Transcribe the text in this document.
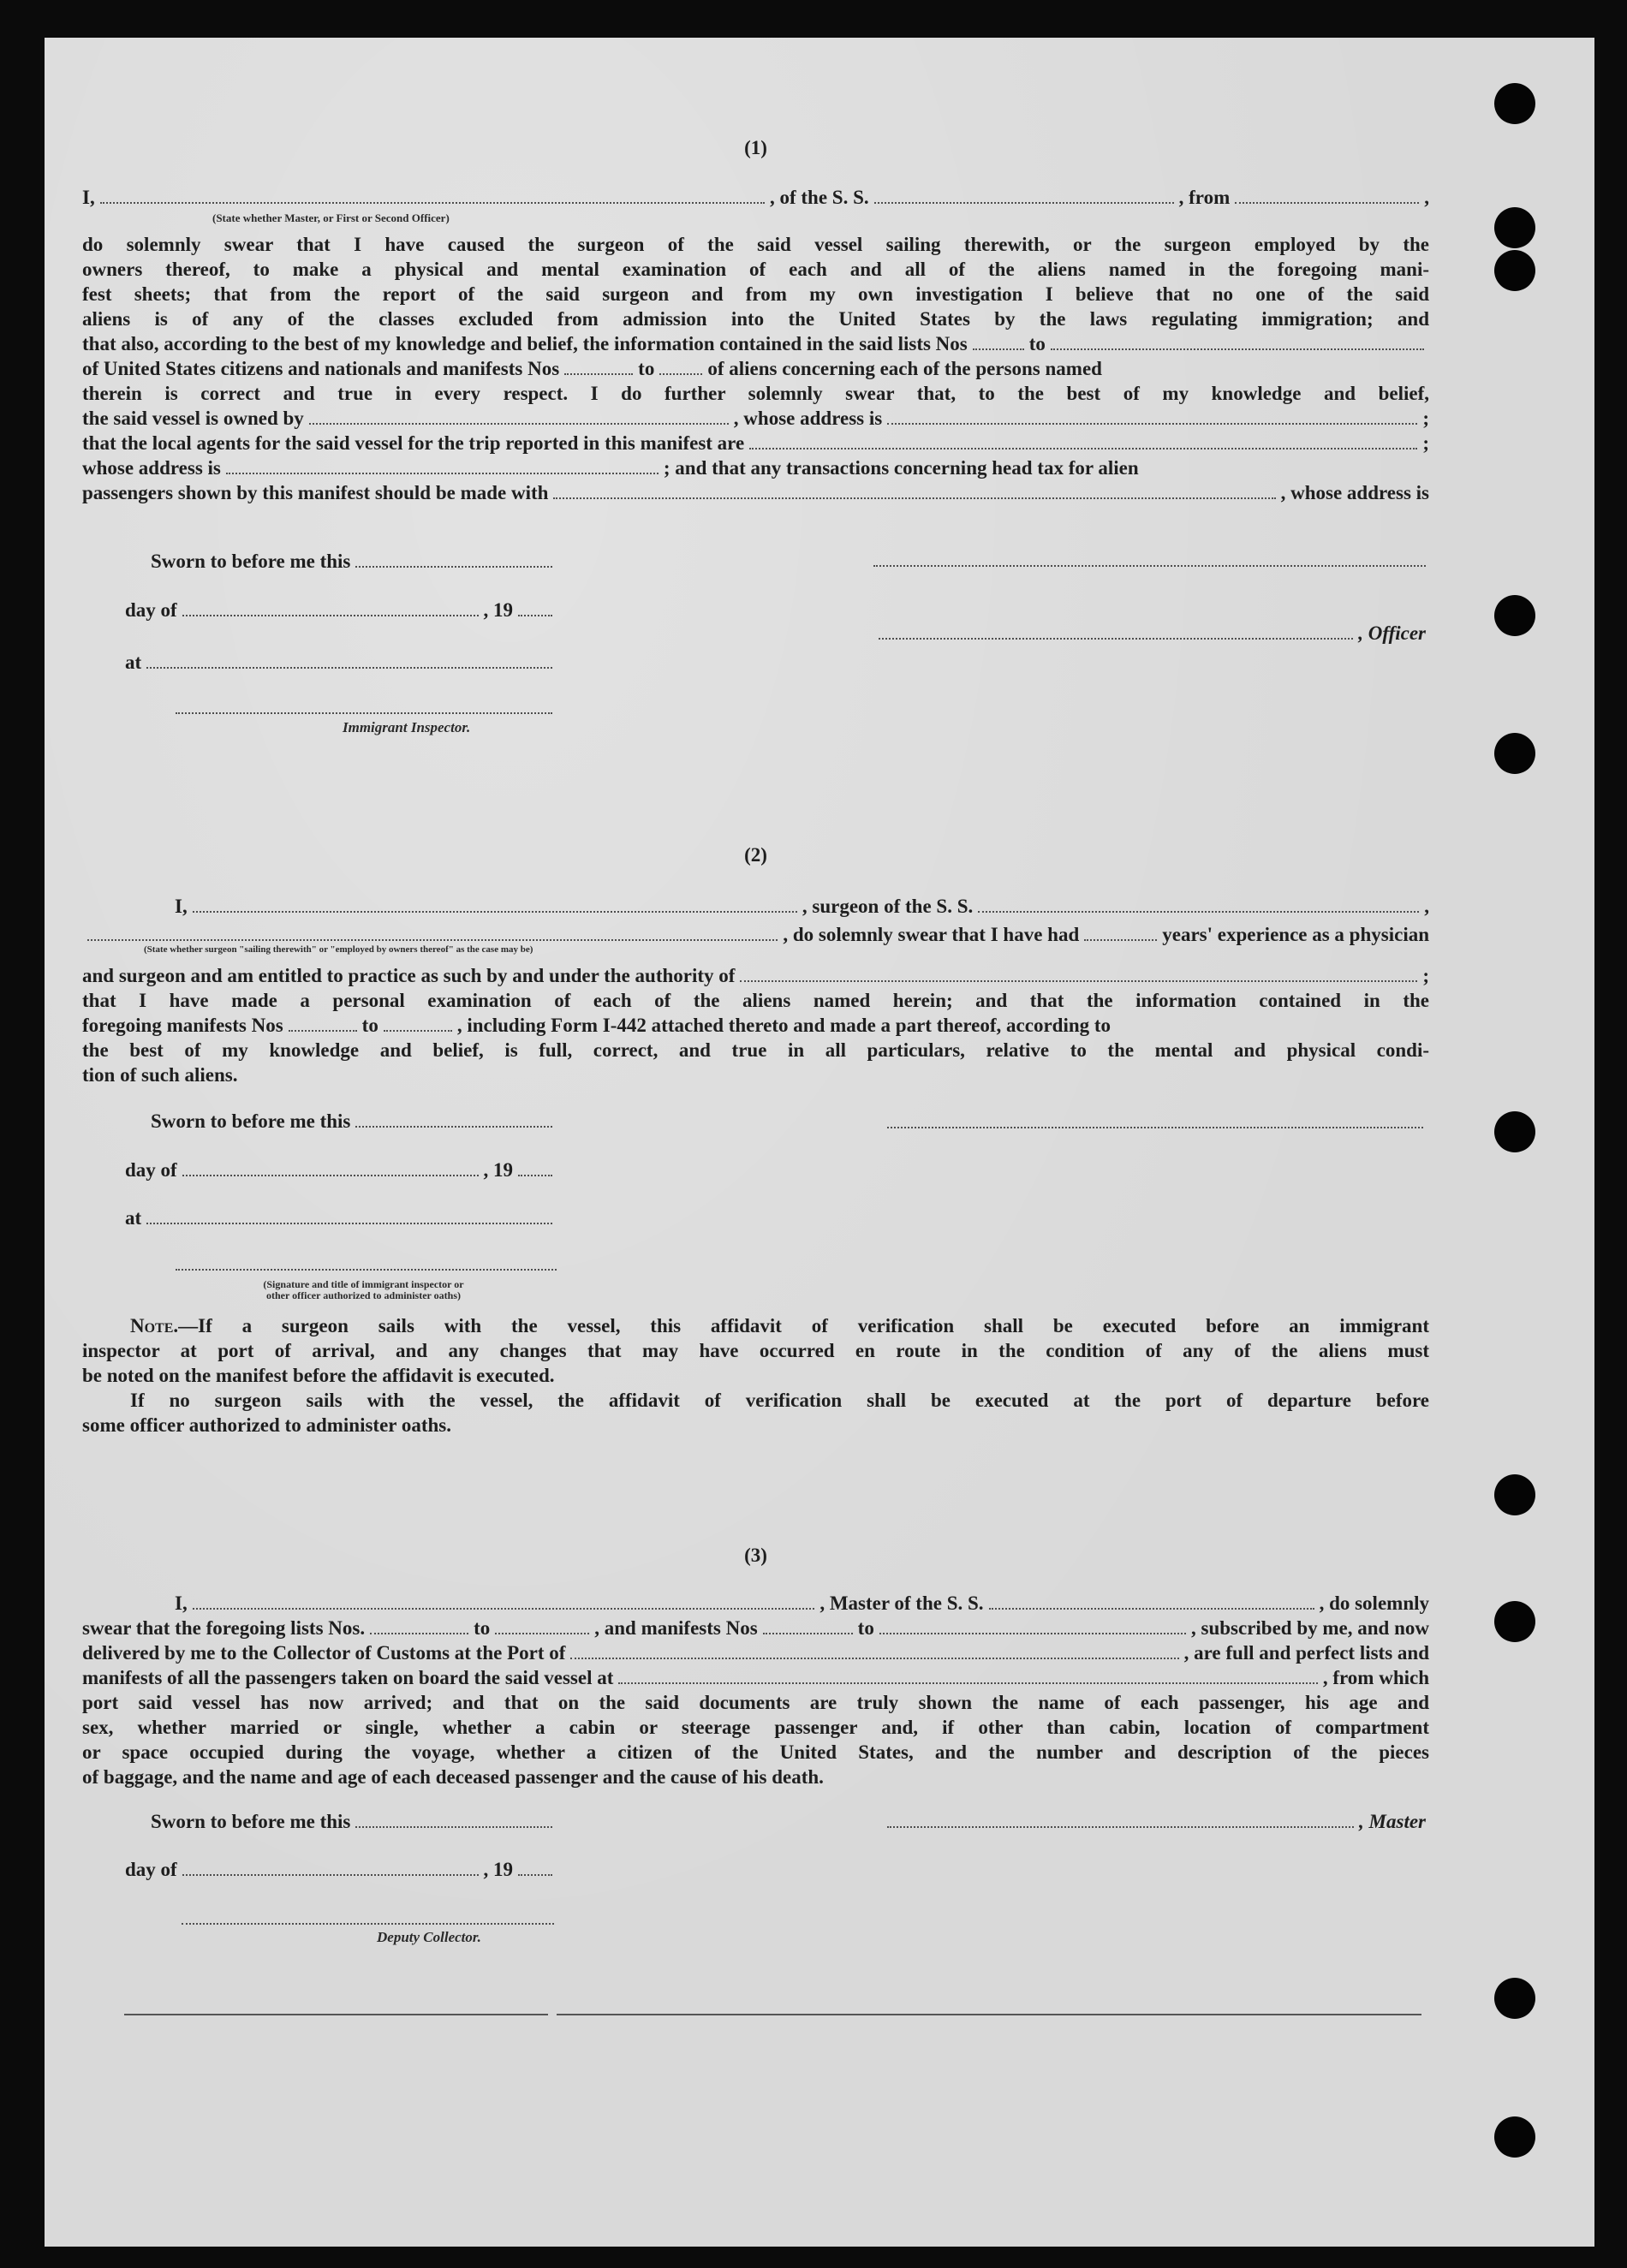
(1)
I,	, of the S. S.	, from	,
(State whether Master, or First or Second Officer)
do solemnly swear that I have caused the surgeon of the said vessel sailing therewith, or the surgeon employed by the
owners thereof, to make a physical and mental examination of each and all of the aliens named in the foregoing mani-
fest sheets; that from the report of the said surgeon and from my own investigation I believe that no one of the said
aliens is of any of the classes excluded from admission into the United States by the laws regulating immigration; and
that also, according to the best of my knowledge and belief, the information contained in the said lists Nos	to
of United States citizens and nationals and manifests Nos	to	of aliens concerning each of the persons named
therein is correct and true in every respect. I do further solemnly swear that, to the best of my knowledge and belief,
the said vessel is owned by	, whose address is	;
that the local agents for the said vessel for the trip reported in this manifest are	;
whose address is	; and that any transactions concerning head tax for alien
passengers shown by this manifest should be made with	, whose address is
Sworn to before me this
day of	, 19
, Officer
at
Immigrant Inspector.
(2)
I,	, surgeon of the S. S.	,
, do solemnly swear that I have had	years' experience as a physician
(State whether surgeon "sailing therewith" or "employed by owners thereof" as the case may be)
and surgeon and am entitled to practice as such by and under the authority of	;
that I have made a personal examination of each of the aliens named herein; and that the information contained in the
foregoing manifests Nos	to	, including Form I-442 attached thereto and made a part thereof, according to
the best of my knowledge and belief, is full, correct, and true in all particulars, relative to the mental and physical condi-
tion of such aliens.
Sworn to before me this
day of	, 19
at
(Signature and title of immigrant inspector or
other officer authorized to administer oaths)
Note.—If a surgeon sails with the vessel, this affidavit of verification shall be executed before an immigrant
inspector at port of arrival, and any changes that may have occurred en route in the condition of any of the aliens must
be noted on the manifest before the affidavit is executed.
If no surgeon sails with the vessel, the affidavit of verification shall be executed at the port of departure before
some officer authorized to administer oaths.
(3)
I,	, Master of the S. S.	, do solemnly
swear that the foregoing lists Nos.	to	, and manifests Nos	to	, subscribed by me, and now
delivered by me to the Collector of Customs at the Port of	, are full and perfect lists and
manifests of all the passengers taken on board the said vessel at	, from which
port said vessel has now arrived; and that on the said documents are truly shown the name of each passenger, his age and
sex, whether married or single, whether a cabin or steerage passenger and, if other than cabin, location of compartment
or space occupied during the voyage, whether a citizen of the United States, and the number and description of the pieces
of baggage, and the name and age of each deceased passenger and the cause of his death.
Sworn to before me this	, Master
day of	, 19
Deputy Collector.
